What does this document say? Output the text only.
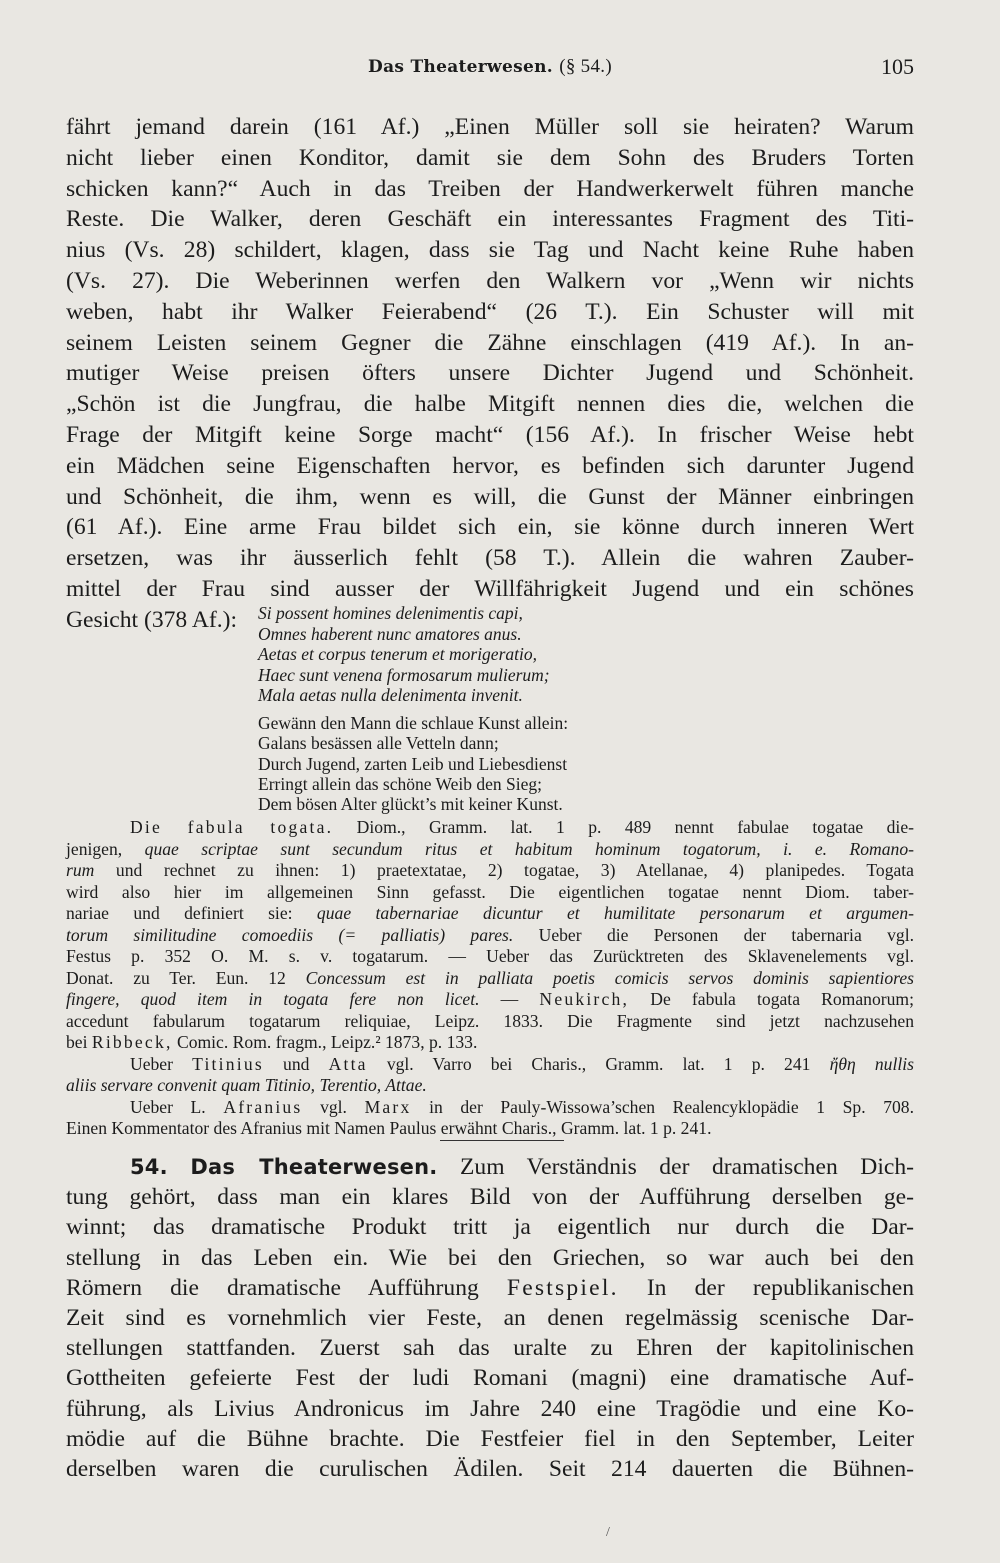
Das Theaterwesen. (§ 54.)	105
fährt jemand darein (161 Af.) „Einen Müller soll sie heiraten? Warum
nicht lieber einen Konditor, damit sie dem Sohn des Bruders Torten
schicken kann?“ Auch in das Treiben der Handwerkerwelt führen manche
Reste. Die Walker, deren Geschäft ein interessantes Fragment des Titi-
nius (Vs. 28) schildert, klagen, dass sie Tag und Nacht keine Ruhe haben
(Vs. 27). Die Weberinnen werfen den Walkern vor „Wenn wir nichts
weben, habt ihr Walker Feierabend“ (26 T.). Ein Schuster will mit
seinem Leisten seinem Gegner die Zähne einschlagen (419 Af.). In an-
mutiger Weise preisen öfters unsere Dichter Jugend und Schönheit.
„Schön ist die Jungfrau, die halbe Mitgift nennen dies die, welchen die
Frage der Mitgift keine Sorge macht“ (156 Af.). In frischer Weise hebt
ein Mädchen seine Eigenschaften hervor, es befinden sich darunter Jugend
und Schönheit, die ihm, wenn es will, die Gunst der Männer einbringen
(61 Af.). Eine arme Frau bildet sich ein, sie könne durch inneren Wert
ersetzen, was ihr äusserlich fehlt (58 T.). Allein die wahren Zauber-
mittel der Frau sind ausser der Willfährigkeit Jugend und ein schönes
Gesicht (378 Af.):	Si possent homines delenimentis capi,
Omnes haberent nunc amatores anus.
Aetas et corpus tenerum et morigeratio,
Haec sunt venena formosarum mulierum;
Mala aetas nulla delenimenta invenit.
Gewänn den Mann die schlaue Kunst allein:
Galans besässen alle Vetteln dann;
Durch Jugend, zarten Leib und Liebesdienst
Erringt allein das schöne Weib den Sieg;
Dem bösen Alter glückt’s mit keiner Kunst.
Die fabula togata. Diom., Gramm. lat. 1 p. 489 nennt fabulae togatae die-
jenigen, quae scriptae sunt secundum ritus et habitum hominum togatorum, i. e. Romano-
rum und rechnet zu ihnen: 1) praetextatae, 2) togatae, 3) Atellanae, 4) planipedes. Togata
wird also hier im allgemeinen Sinn gefasst. Die eigentlichen togatae nennt Diom. taber-
nariae und definiert sie: quae tabernariae dicuntur et humilitate personarum et argumen-
torum similitudine comoediis (= palliatis) pares. Ueber die Personen der tabernaria vgl.
Festus p. 352 O. M. s. v. togatarum. — Ueber das Zurücktreten des Sklavenelements vgl.
Donat. zu Ter. Eun. 12 Concessum est in palliata poetis comicis servos dominis sapientiores
fingere, quod item in togata fere non licet. — Neukirch, De fabula togata Romanorum;
accedunt fabularum togatarum reliquiae, Leipz. 1833. Die Fragmente sind jetzt nachzusehen
bei Ribbeck, Comic. Rom. fragm., Leipz.² 1873, p. 133.
Ueber Titinius und Atta vgl. Varro bei Charis., Gramm. lat. 1 p. 241 ἤθη nullis
aliis servare convenit quam Titinio, Terentio, Attae.
Ueber L. Afranius vgl. Marx in der Pauly-Wissowa’schen Realencyklopädie 1 Sp. 708.
Einen Kommentator des Afranius mit Namen Paulus erwähnt Charis., Gramm. lat. 1 p. 241.
54. Das Theaterwesen. Zum Verständnis der dramatischen Dich-
tung gehört, dass man ein klares Bild von der Aufführung derselben ge-
winnt; das dramatische Produkt tritt ja eigentlich nur durch die Dar-
stellung in das Leben ein. Wie bei den Griechen, so war auch bei den
Römern die dramatische Aufführung Festspiel. In der republikanischen
Zeit sind es vornehmlich vier Feste, an denen regelmässig scenische Dar-
stellungen stattfanden. Zuerst sah das uralte zu Ehren der kapitolinischen
Gottheiten gefeierte Fest der ludi Romani (magni) eine dramatische Auf-
führung, als Livius Andronicus im Jahre 240 eine Tragödie und eine Ko-
mödie auf die Bühne brachte. Die Festfeier fiel in den September, Leiter
derselben waren die curulischen Ädilen. Seit 214 dauerten die Bühnen-
/
